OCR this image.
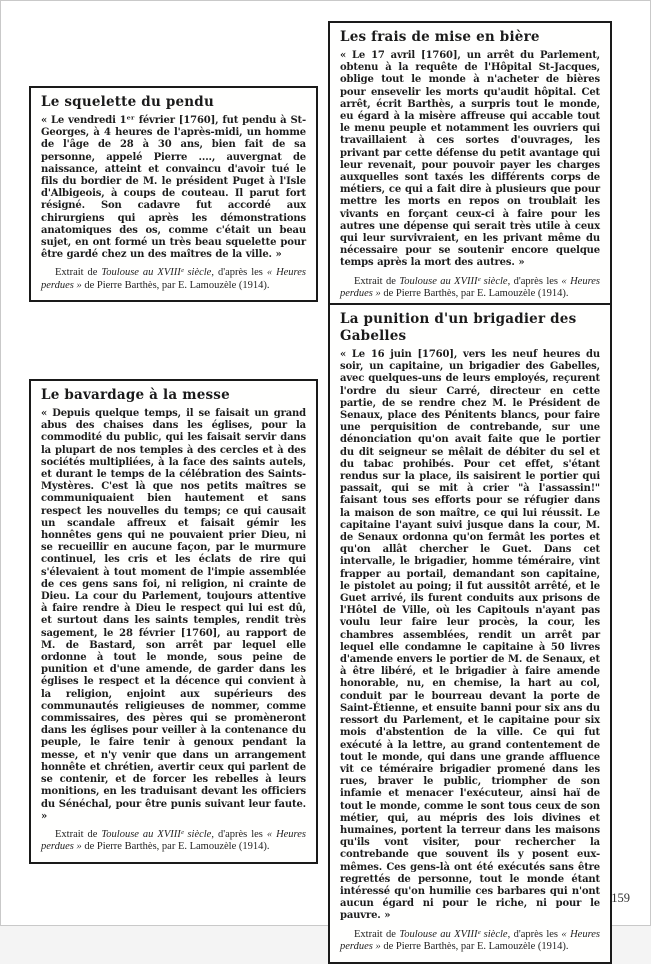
Le squelette du pendu

« Le vendredi 1ᵉʳ février [1760], fut pendu à St-Georges, à 4 heures de l'après-midi, un homme de l'âge de 28 à 30 ans, bien fait de sa personne, appelé Pierre ...., auvergnat de naissance, atteint et convaincu d'avoir tué le fils du bordier de M. le président Puget à l'Isle d'Albigeois, à coups de couteau. Il parut fort résigné. Son cadavre fut accordé aux chirurgiens qui après les démonstrations anatomiques des os, comme c'était un beau sujet, en ont formé un très beau squelette pour être gardé chez un des maîtres de la ville. »

Extrait de Toulouse au XVIIIᵉ siècle, d'après les « Heures perdues » de Pierre Barthès, par E. Lamouzèle (1914).

Les frais de mise en bière

« Le 17 avril [1760], un arrêt du Parlement, obtenu à la requête de l'Hôpital St-Jacques, oblige tout le monde à n'acheter de bières pour ensevelir les morts qu'audit hôpital. Cet arrêt, écrit Barthès, a surpris tout le monde, eu égard à la misère affreuse qui accable tout le menu peuple et notamment les ouvriers qui travaillaient à ces sortes d'ouvrages, les privant par cette défense du petit avantage qui leur revenait, pour pouvoir payer les charges auxquelles sont taxés les différents corps de métiers, ce qui a fait dire à plusieurs que pour mettre les morts en repos on troublait les vivants en forçant ceux-ci à faire pour les autres une dépense qui serait très utile à ceux qui leur survivraient, en les privant même du nécessaire pour se soutenir encore quelque temps après la mort des autres. »

Extrait de Toulouse au XVIIIᵉ siècle, d'après les « Heures perdues » de Pierre Barthès, par E. Lamouzèle (1914).

Le bavardage à la messe

« Depuis quelque temps, il se faisait un grand abus des chaises dans les églises, pour la commodité du public, qui les faisait servir dans la plupart de nos temples à des cercles et à des sociétés multipliées, à la face des saints autels, et durant le temps de la célébration des Saints-Mystères. C'est là que nos petits maîtres se communiquaient bien hautement et sans respect les nouvelles du temps; ce qui causait un scandale affreux et faisait gémir les honnêtes gens qui ne pouvaient prier Dieu, ni se recueillir en aucune façon, par le murmure continuel, les cris et les éclats de rire qui s'élevaient à tout moment de l'impie assemblée de ces gens sans foi, ni religion, ni crainte de Dieu. La cour du Parlement, toujours attentive à faire rendre à Dieu le respect qui lui est dû, et surtout dans les saints temples, rendit très sagement, le 28 février [1760], au rapport de M. de Bastard, son arrêt par lequel elle ordonne à tout le monde, sous peine de punition et d'une amende, de garder dans les églises le respect et la décence qui convient à la religion, enjoint aux supérieurs des communautés religieuses de nommer, comme commissaires, des pères qui se promèneront dans les églises pour veiller à la contenance du peuple, le faire tenir à genoux pendant la messe, et n'y venir que dans un arrangement honnête et chrétien, avertir ceux qui parlent de se contenir, et de forcer les rebelles à leurs monitions, en les traduisant devant les officiers du Sénéchal, pour être punis suivant leur faute. »

Extrait de Toulouse au XVIIIᵉ siècle, d'après les « Heures perdues » de Pierre Barthès, par E. Lamouzèle (1914).

La punition d'un brigadier des Gabelles

« Le 16 juin [1760], vers les neuf heures du soir, un capitaine, un brigadier des Gabelles, avec quelques-uns de leurs employés, reçurent l'ordre du sieur Carré, directeur en cette partie, de se rendre chez M. le Président de Senaux, place des Pénitents blancs, pour faire une perquisition de contrebande, sur une dénonciation qu'on avait faite que le portier du dit seigneur se mêlait de débiter du sel et du tabac prohibés. Pour cet effet, s'étant rendus sur la place, ils saisirent le portier qui passait, qui se mit à crier "à l'assassin!" faisant tous ses efforts pour se réfugier dans la maison de son maître, ce qui lui réussit. Le capitaine l'ayant suivi jusque dans la cour, M. de Senaux ordonna qu'on fermât les portes et qu'on allât chercher le Guet. Dans cet intervalle, le brigadier, homme téméraire, vint frapper au portail, demandant son capitaine, le pistolet au poing; il fut aussitôt arrêté, et le Guet arrivé, ils furent conduits aux prisons de l'Hôtel de Ville, où les Capitouls n'ayant pas voulu leur faire leur procès, la cour, les chambres assemblées, rendit un arrêt par lequel elle condamne le capitaine à 50 livres d'amende envers le portier de M. de Senaux, et à être libéré, et le brigadier à faire amende honorable, nu, en chemise, la hart au col, conduit par le bourreau devant la porte de Saint-Étienne, et ensuite banni pour six ans du ressort du Parlement, et le capitaine pour six mois d'abstention de la ville. Ce qui fut exécuté à la lettre, au grand contentement de tout le monde, qui dans une grande affluence vit ce téméraire brigadier promené dans les rues, braver le public, triompher de son infamie et menacer l'exécuteur, ainsi haï de tout le monde, comme le sont tous ceux de son métier, qui, au mépris des lois divines et humaines, portent la terreur dans les maisons qu'ils vont visiter, pour rechercher la contrebande que souvent ils y posent eux-mêmes. Ces gens-là ont été exécutés sans être regrettés de personne, tout le monde étant intéressé qu'on humilie ces barbares qui n'ont aucun égard ni pour le riche, ni pour le pauvre. »

Extrait de Toulouse au XVIIIᵉ siècle, d'après les « Heures perdues » de Pierre Barthès, par E. Lamouzèle (1914).

159
